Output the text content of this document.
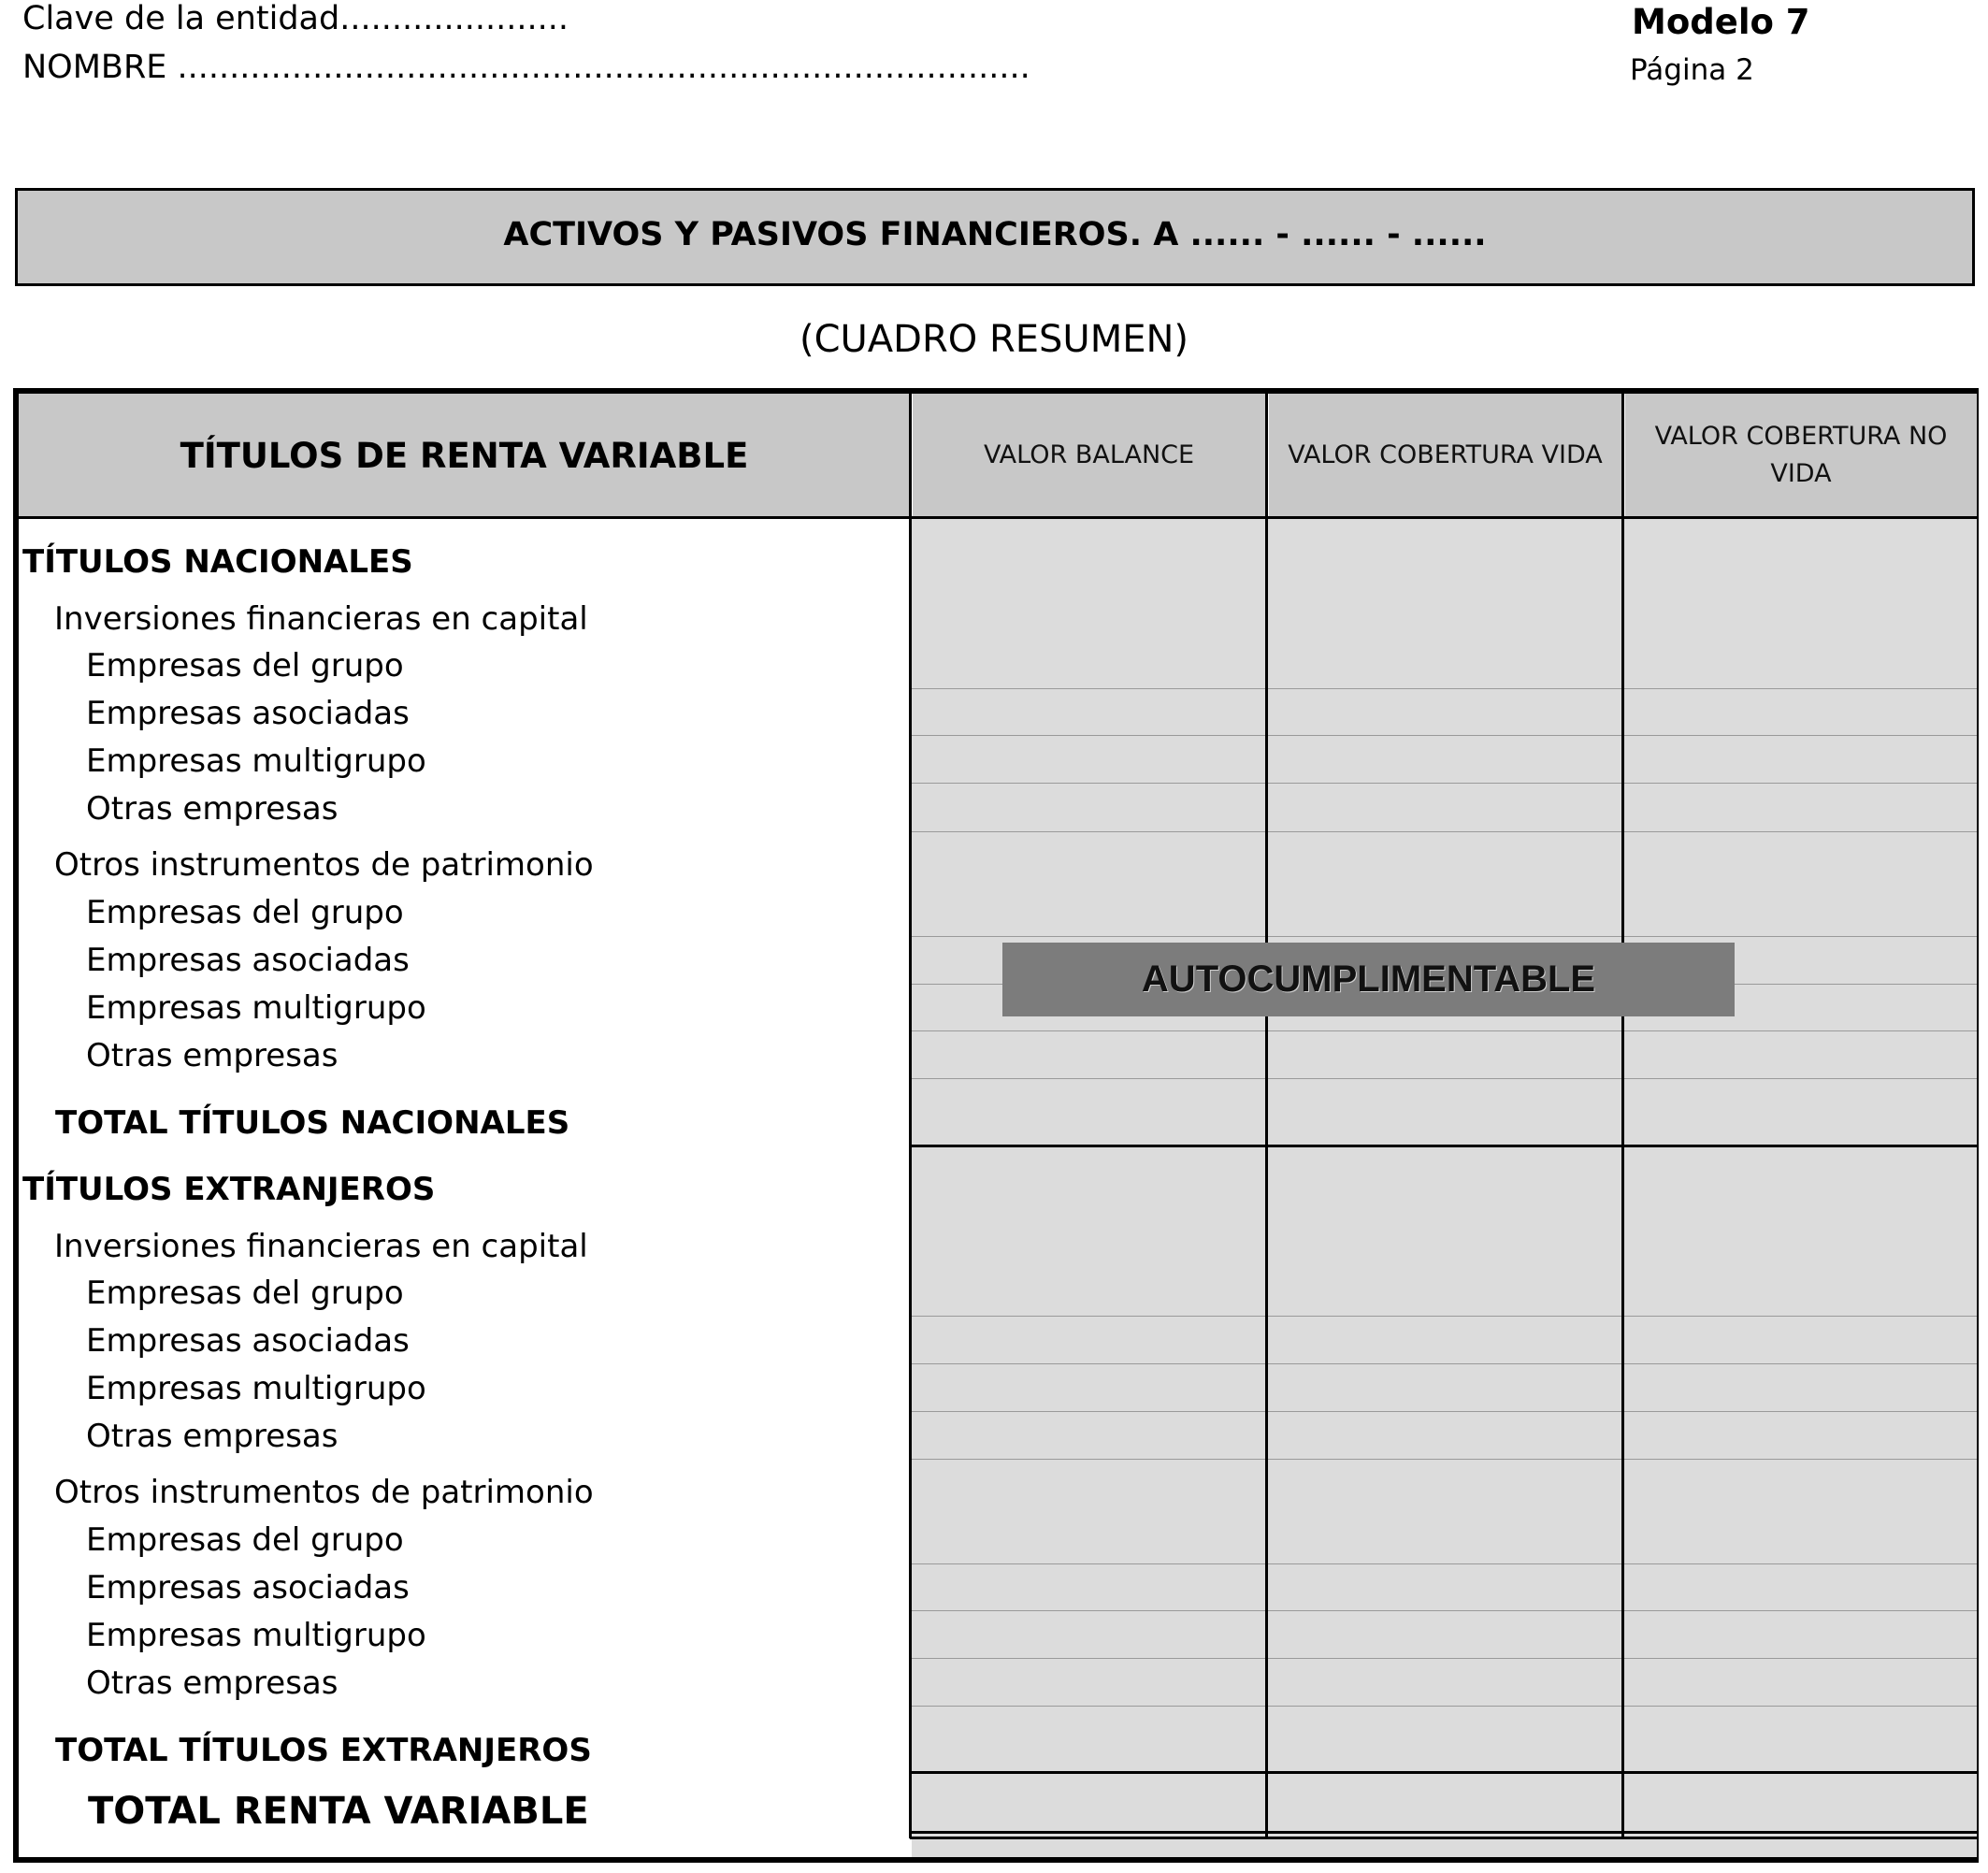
Clave de la entidad......................
NOMBRE ..................................................................................
Modelo 7
Página 2
ACTIVOS Y PASIVOS FINANCIEROS. A ...... - ...... - ......
(CUADRO RESUMEN)
TÍTULOS DE RENTA VARIABLE	VALOR BALANCE	VALOR COBERTURA VIDA
VALOR COBERTURA NO VIDA
TÍTULOS NACIONALES
Inversiones financieras en capital
Empresas del grupo
Empresas asociadas
Empresas multigrupo
Otras empresas
Otros instrumentos de patrimonio
Empresas del grupo
Empresas asociadas
Empresas multigrupo
Otras empresas
TOTAL TÍTULOS NACIONALES
TÍTULOS EXTRANJEROS
Inversiones financieras en capital
Empresas del grupo
Empresas asociadas
Empresas multigrupo
Otras empresas
Otros instrumentos de patrimonio
Empresas del grupo
Empresas asociadas
Empresas multigrupo
Otras empresas
TOTAL TÍTULOS EXTRANJEROS
TOTAL RENTA VARIABLE
AUTOCUMPLIMENTABLE
